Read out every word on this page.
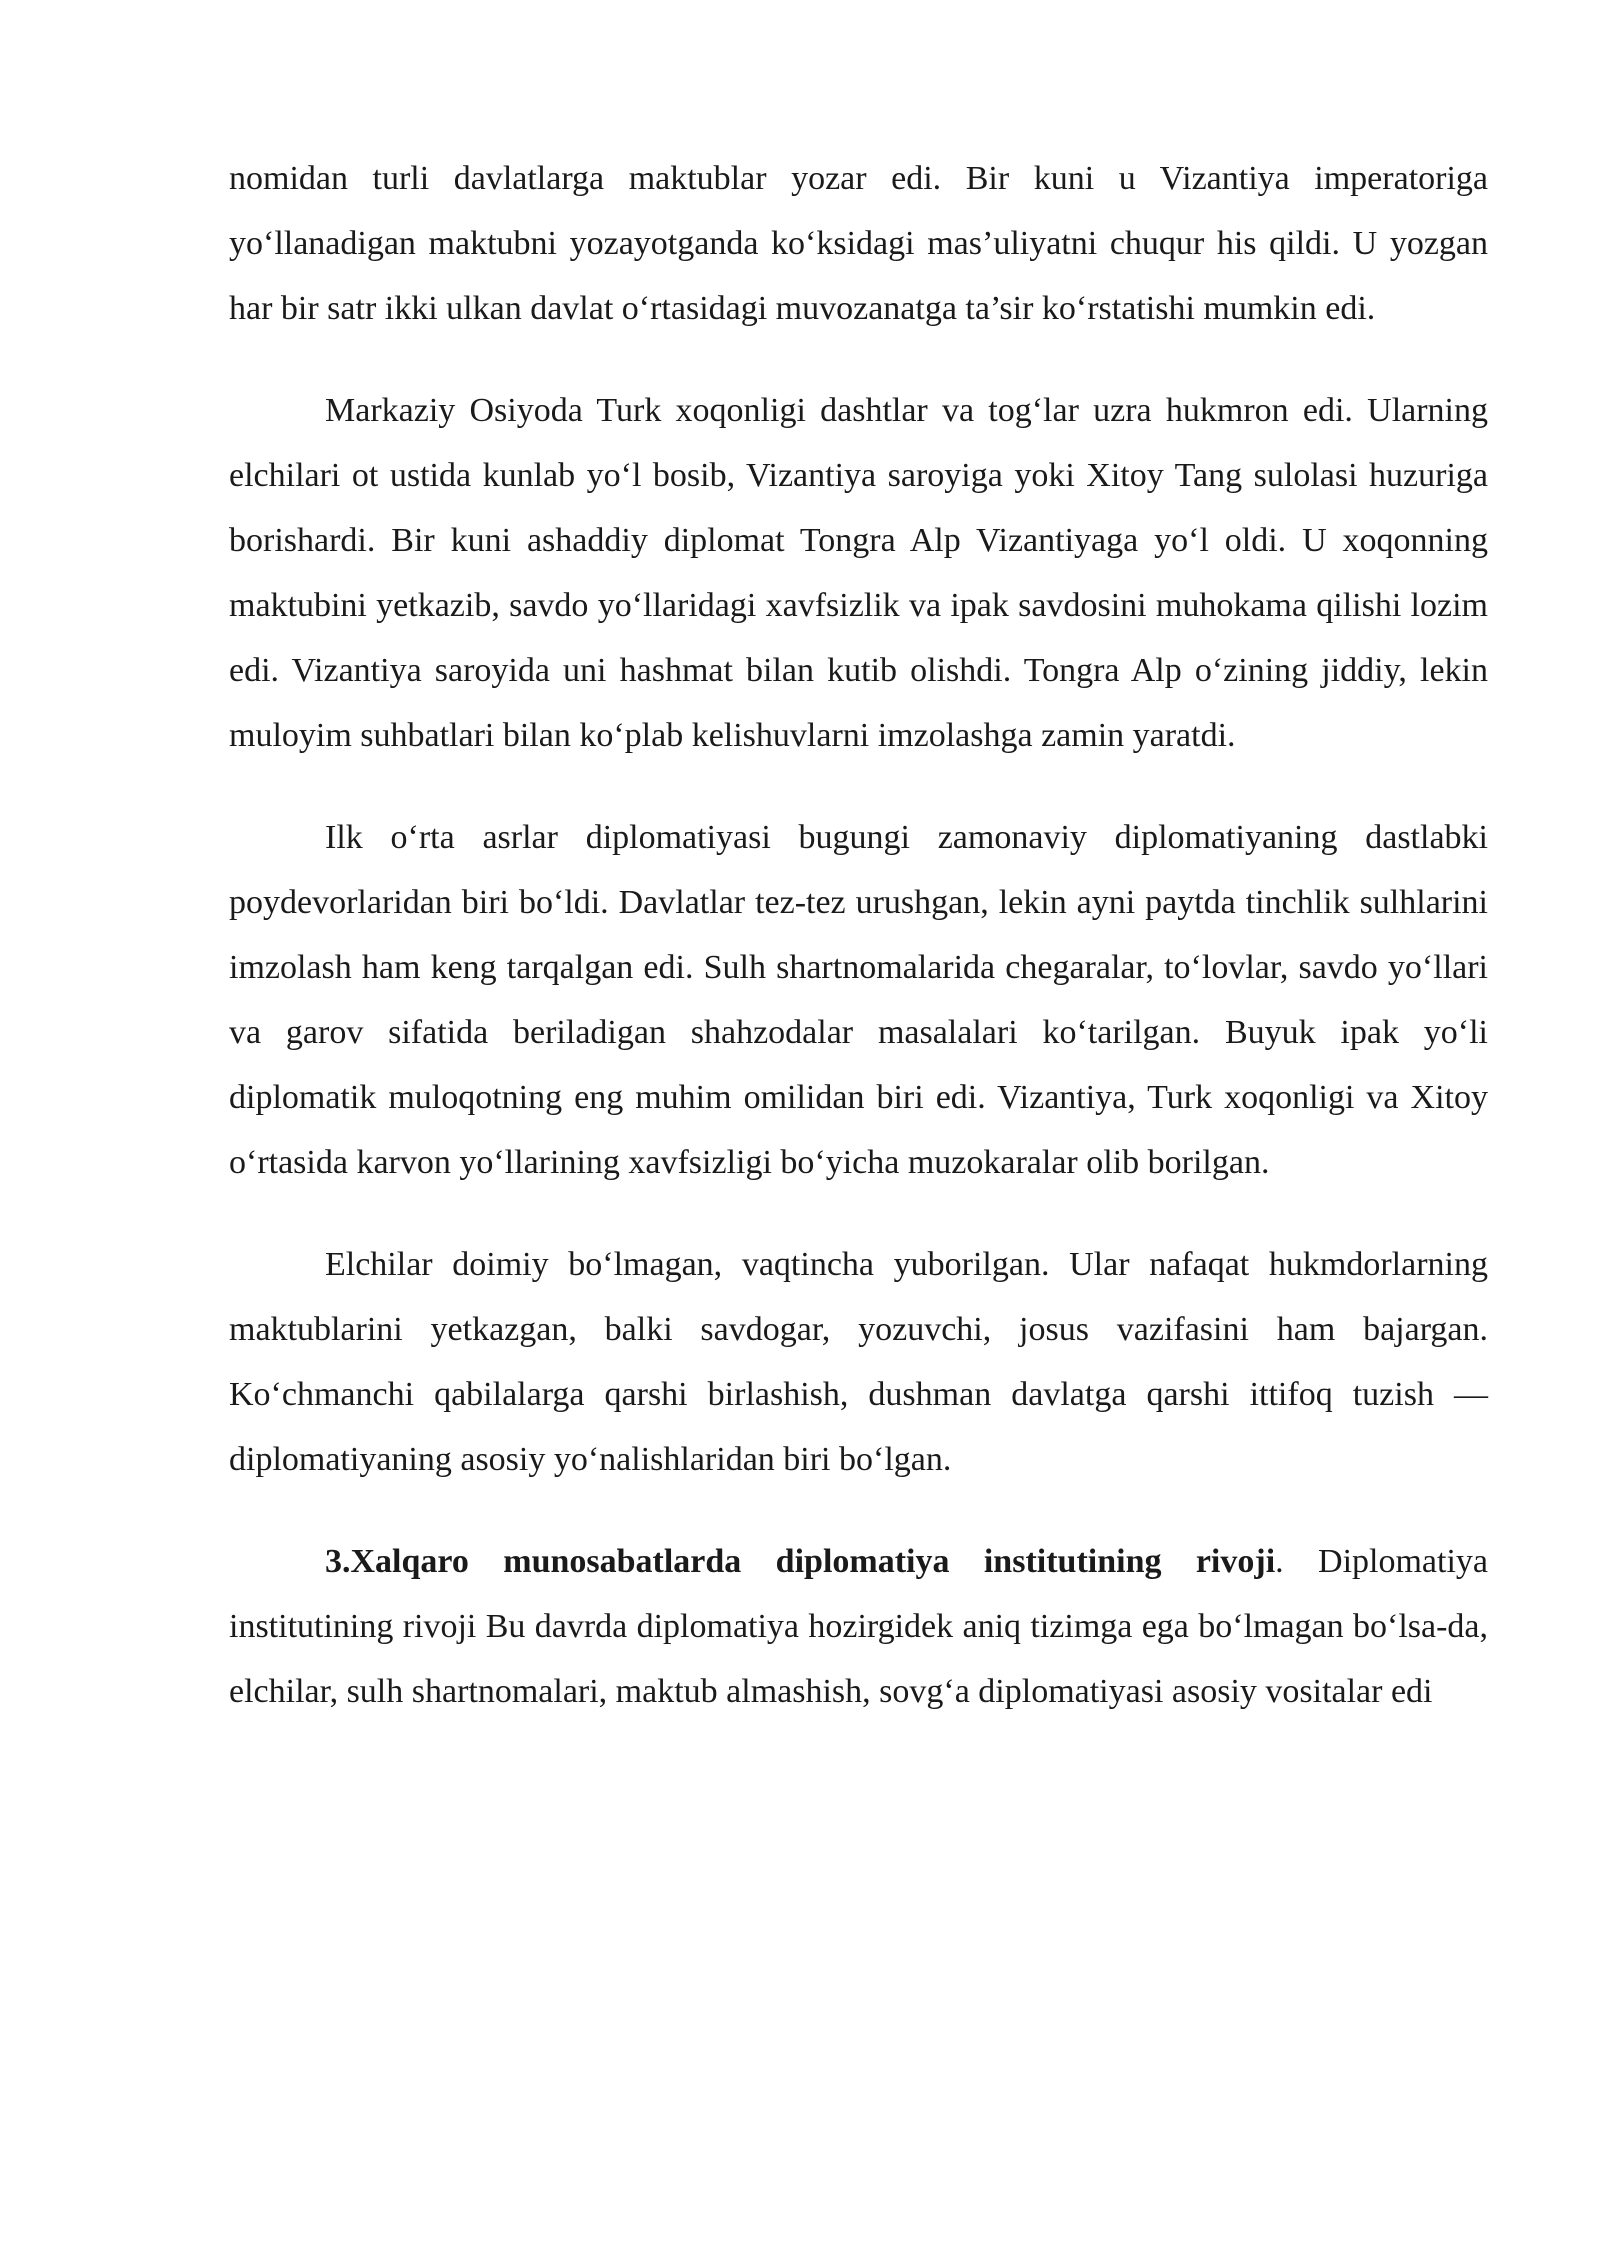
nomidan turli davlatlarga maktublar yozar edi. Bir kuni u Vizantiya imperatoriga yo‘llanadigan maktubni yozayotganda ko‘ksidagi mas’uliyatni chuqur his qildi. U yozgan har bir satr ikki ulkan davlat o‘rtasidagi muvozanatga ta’sir ko‘rstatishi mumkin edi.

Markaziy Osiyoda Turk xoqonligi dashtlar va tog‘lar uzra hukmron edi. Ularning elchilari ot ustida kunlab yo‘l bosib, Vizantiya saroyiga yoki Xitoy Tang sulolasi huzuriga borishardi. Bir kuni ashaddiy diplomat Tongra Alp Vizantiyaga yo‘l oldi. U xoqonning maktubini yetkazib, savdo yo‘llaridagi xavfsizlik va ipak savdosini muhokama qilishi lozim edi. Vizantiya saroyida uni hashmat bilan kutib olishdi. Tongra Alp o‘zining jiddiy, lekin muloyim suhbatlari bilan ko‘plab kelishuvlarni imzolashga zamin yaratdi.

Ilk o‘rta asrlar diplomatiyasi bugungi zamonaviy diplomatiyaning dastlabki poydevorlaridan biri bo‘ldi. Davlatlar tez-tez urushgan, lekin ayni paytda tinchlik sulhlarini imzolash ham keng tarqalgan edi. Sulh shartnomalarida chegaralar, to‘lovlar, savdo yo‘llari va garov sifatida beriladigan shahzodalar masalalari ko‘tarilgan. Buyuk ipak yo‘li diplomatik muloqotning eng muhim omilidan biri edi. Vizantiya, Turk xoqonligi va Xitoy o‘rtasida karvon yo‘llarining xavfsizligi bo‘yicha muzokaralar olib borilgan.

Elchilar doimiy bo‘lmagan, vaqtincha yuborilgan. Ular nafaqat hukmdorlarning maktublarini yetkazgan, balki savdogar, yozuvchi, josus vazifasini ham bajargan. Ko‘chmanchi qabilalarga qarshi birlashish, dushman davlatga qarshi ittifoq tuzish — diplomatiyaning asosiy yo‘nalishlaridan biri bo‘lgan.

3.Xalqaro munosabatlarda diplomatiya institutining rivoji. Diplomatiya institutining rivoji Bu davrda diplomatiya hozirgidek aniq tizimga ega bo‘lmagan bo‘lsa-da, elchilar, sulh shartnomalari, maktub almashish, sovg‘a diplomatiyasi asosiy vositalar edi
